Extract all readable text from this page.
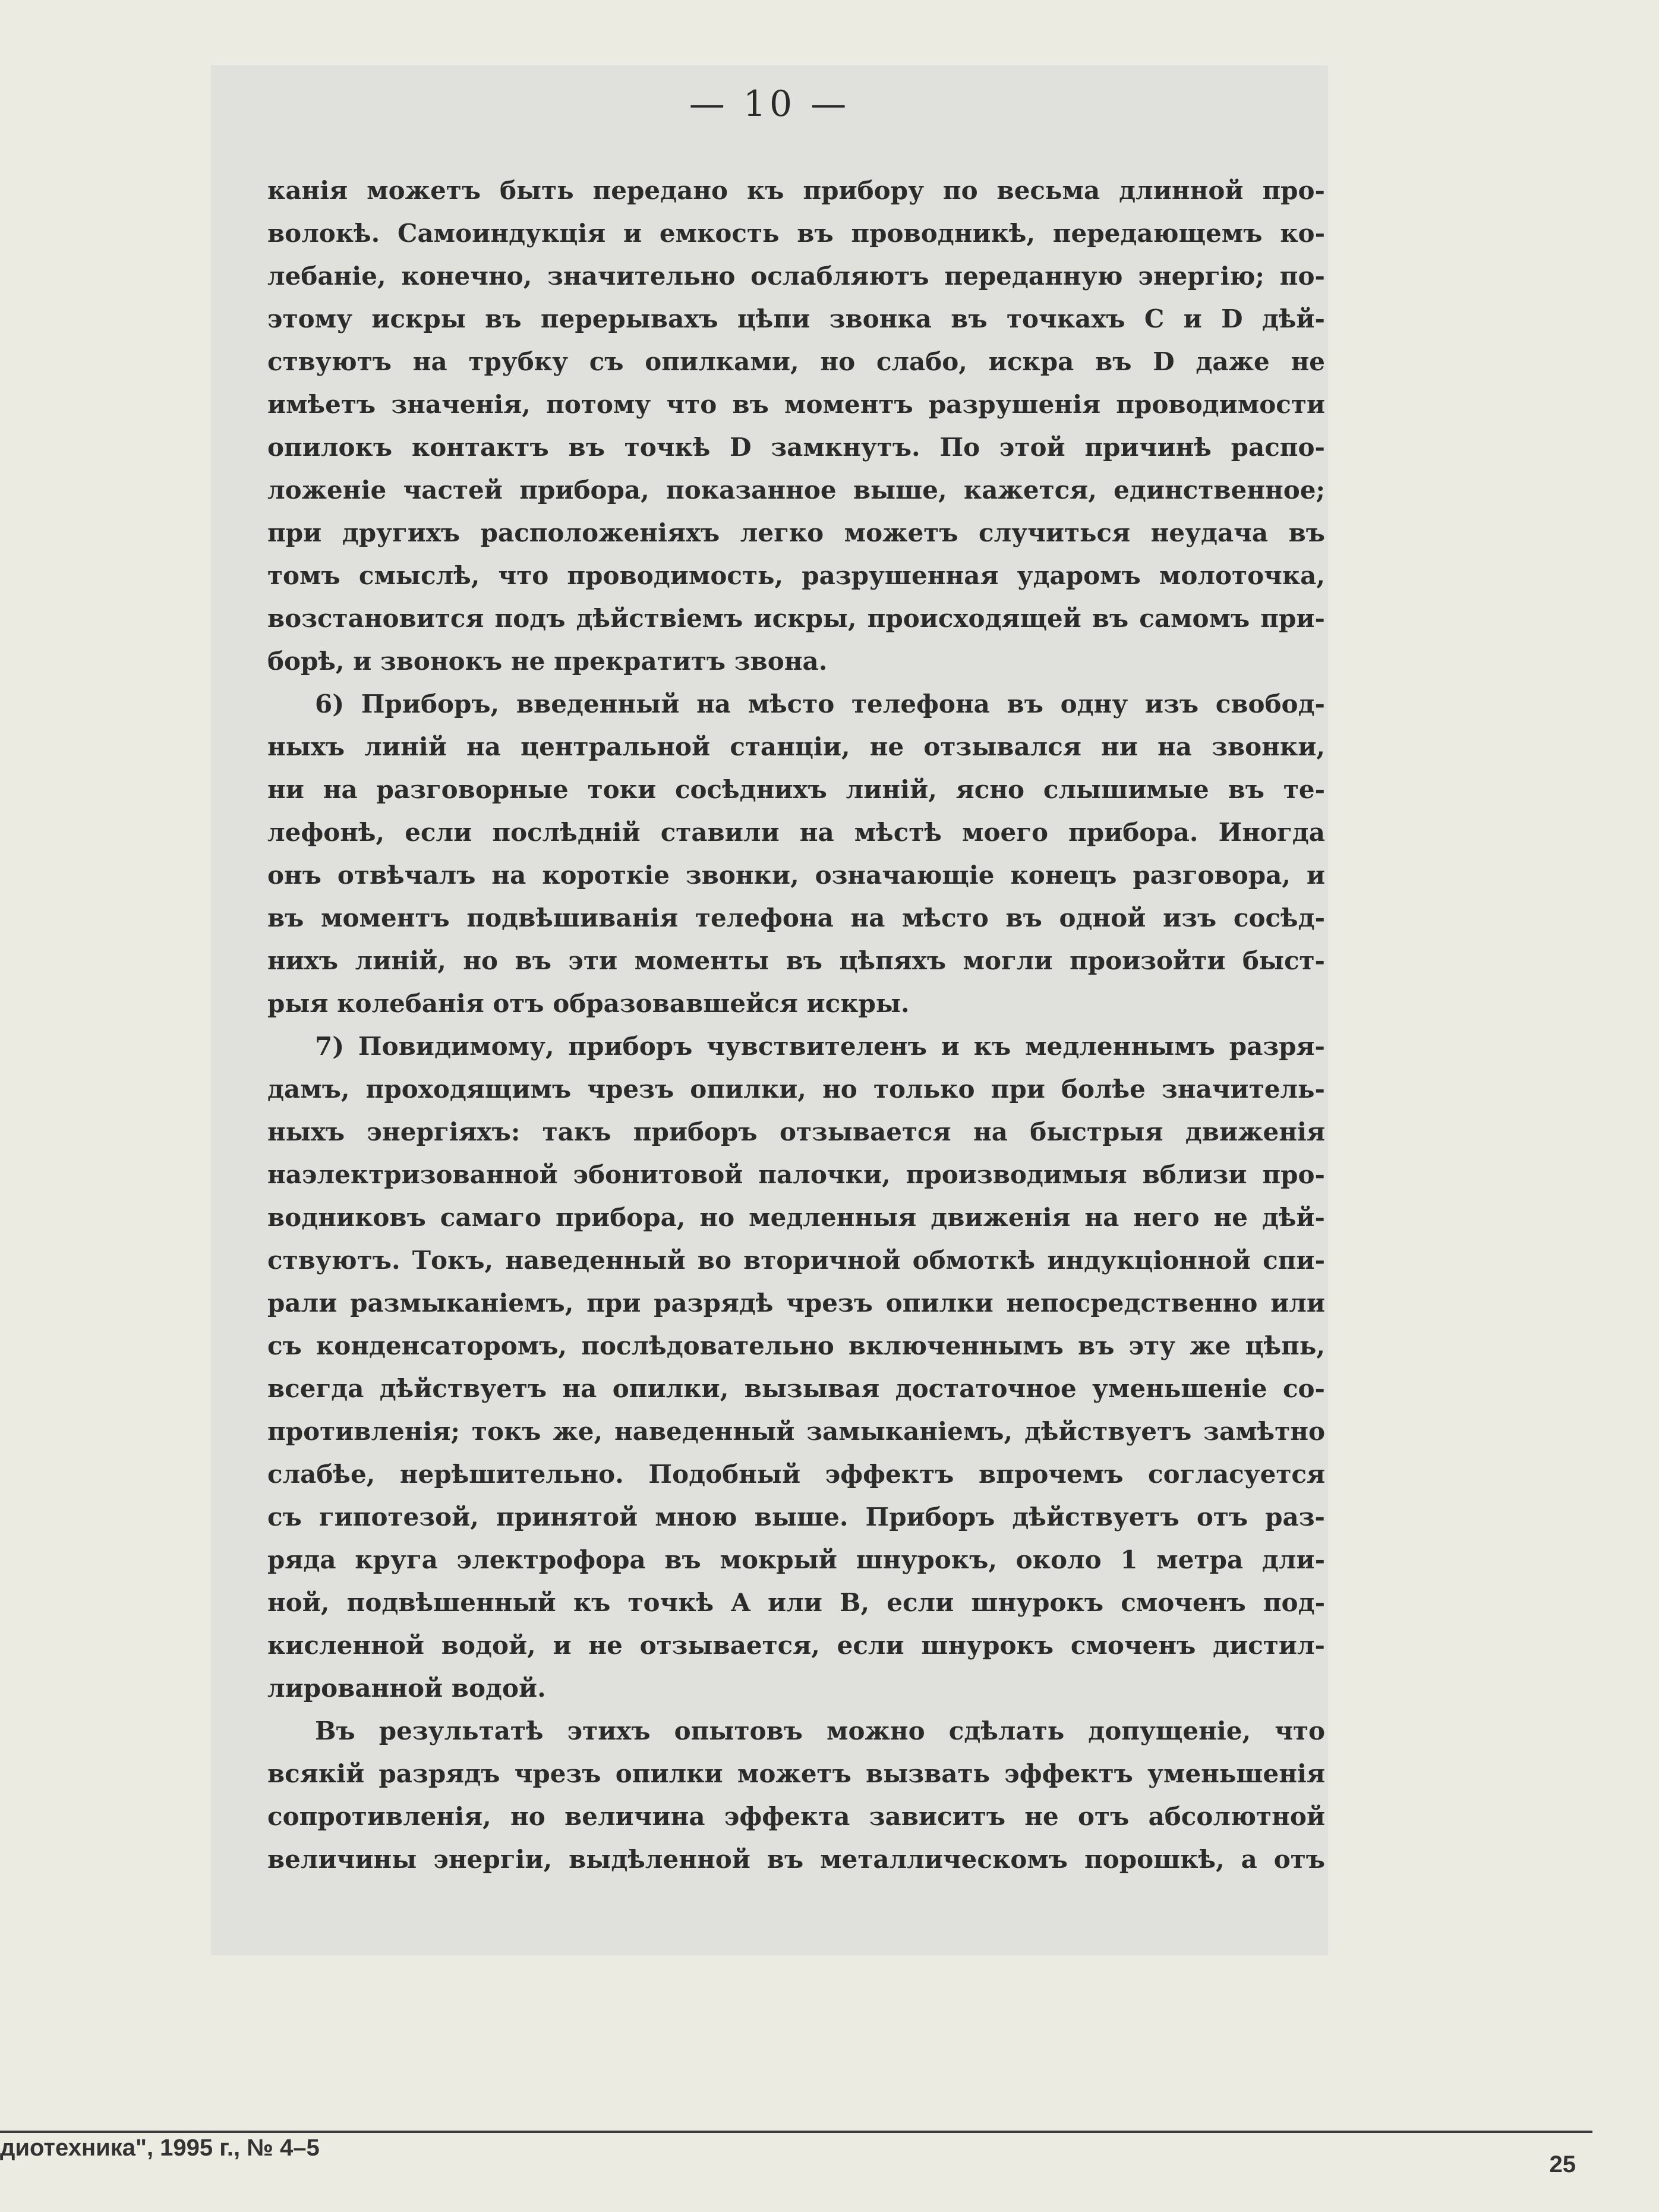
— 10 —
канія можетъ быть передано къ прибору по весьма длинной про-
волокѣ. Самоиндукція и емкость въ проводникѣ, передающемъ ко-
лебаніе, конечно, значительно ослабляютъ переданную энергію; по-
этому искры въ перерывахъ цѣпи звонка въ точкахъ C и D дѣй-
ствуютъ на трубку съ опилками, но слабо, искра въ D даже не
имѣетъ значенія, потому что въ моментъ разрушенія проводимости
опилокъ контактъ въ точкѣ D замкнутъ. По этой причинѣ распо-
ложеніе частей прибора, показанное выше, кажется, единственное;
при другихъ расположеніяхъ легко можетъ случиться неудача въ
томъ смыслѣ, что проводимость, разрушенная ударомъ молоточка,
возстановится подъ дѣйствіемъ искры, происходящей въ самомъ при-
борѣ, и звонокъ не прекратитъ звона.
6) Приборъ, введенный на мѣсто телефона въ одну изъ свобод-
ныхъ линій на центральной станціи, не отзывался ни на звонки,
ни на разговорные токи сосѣднихъ линій, ясно слышимые въ те-
лефонѣ, если послѣдній ставили на мѣстѣ моего прибора. Иногда
онъ отвѣчалъ на короткіе звонки, означающіе конецъ разговора, и
въ моментъ подвѣшиванія телефона на мѣсто въ одной изъ сосѣд-
нихъ линій, но въ эти моменты въ цѣпяхъ могли произойти быст-
рыя колебанія отъ образовавшейся искры.
7) Повидимому, приборъ чувствителенъ и къ медленнымъ разря-
дамъ, проходящимъ чрезъ опилки, но только при болѣе значитель-
ныхъ энергіяхъ: такъ приборъ отзывается на быстрыя движенія
наэлектризованной эбонитовой палочки, производимыя вблизи про-
водниковъ самаго прибора, но медленныя движенія на него не дѣй-
ствуютъ. Токъ, наведенный во вторичной обмоткѣ индукціонной спи-
рали размыканіемъ, при разрядѣ чрезъ опилки непосредственно или
съ конденсаторомъ, послѣдовательно включеннымъ въ эту же цѣпь,
всегда дѣйствуетъ на опилки, вызывая достаточное уменьшеніе со-
противленія; токъ же, наведенный замыканіемъ, дѣйствуетъ замѣтно
слабѣе, нерѣшительно. Подобный эффектъ впрочемъ согласуется
съ гипотезой, принятой мною выше. Приборъ дѣйствуетъ отъ раз-
ряда круга электрофора въ мокрый шнурокъ, около 1 метра дли-
ной, подвѣшенный къ точкѣ A или B, если шнурокъ смоченъ под-
кисленной водой, и не отзывается, если шнурокъ смоченъ дистил-
лированной водой.
Въ результатѣ этихъ опытовъ можно сдѣлать допущеніе, что
всякій разрядъ чрезъ опилки можетъ вызвать эффектъ уменьшенія
сопротивленія, но величина эффекта зависитъ не отъ абсолютной
величины энергіи, выдѣленной въ металлическомъ порошкѣ, а отъ
диотехника", 1995 г., № 4–5
25
